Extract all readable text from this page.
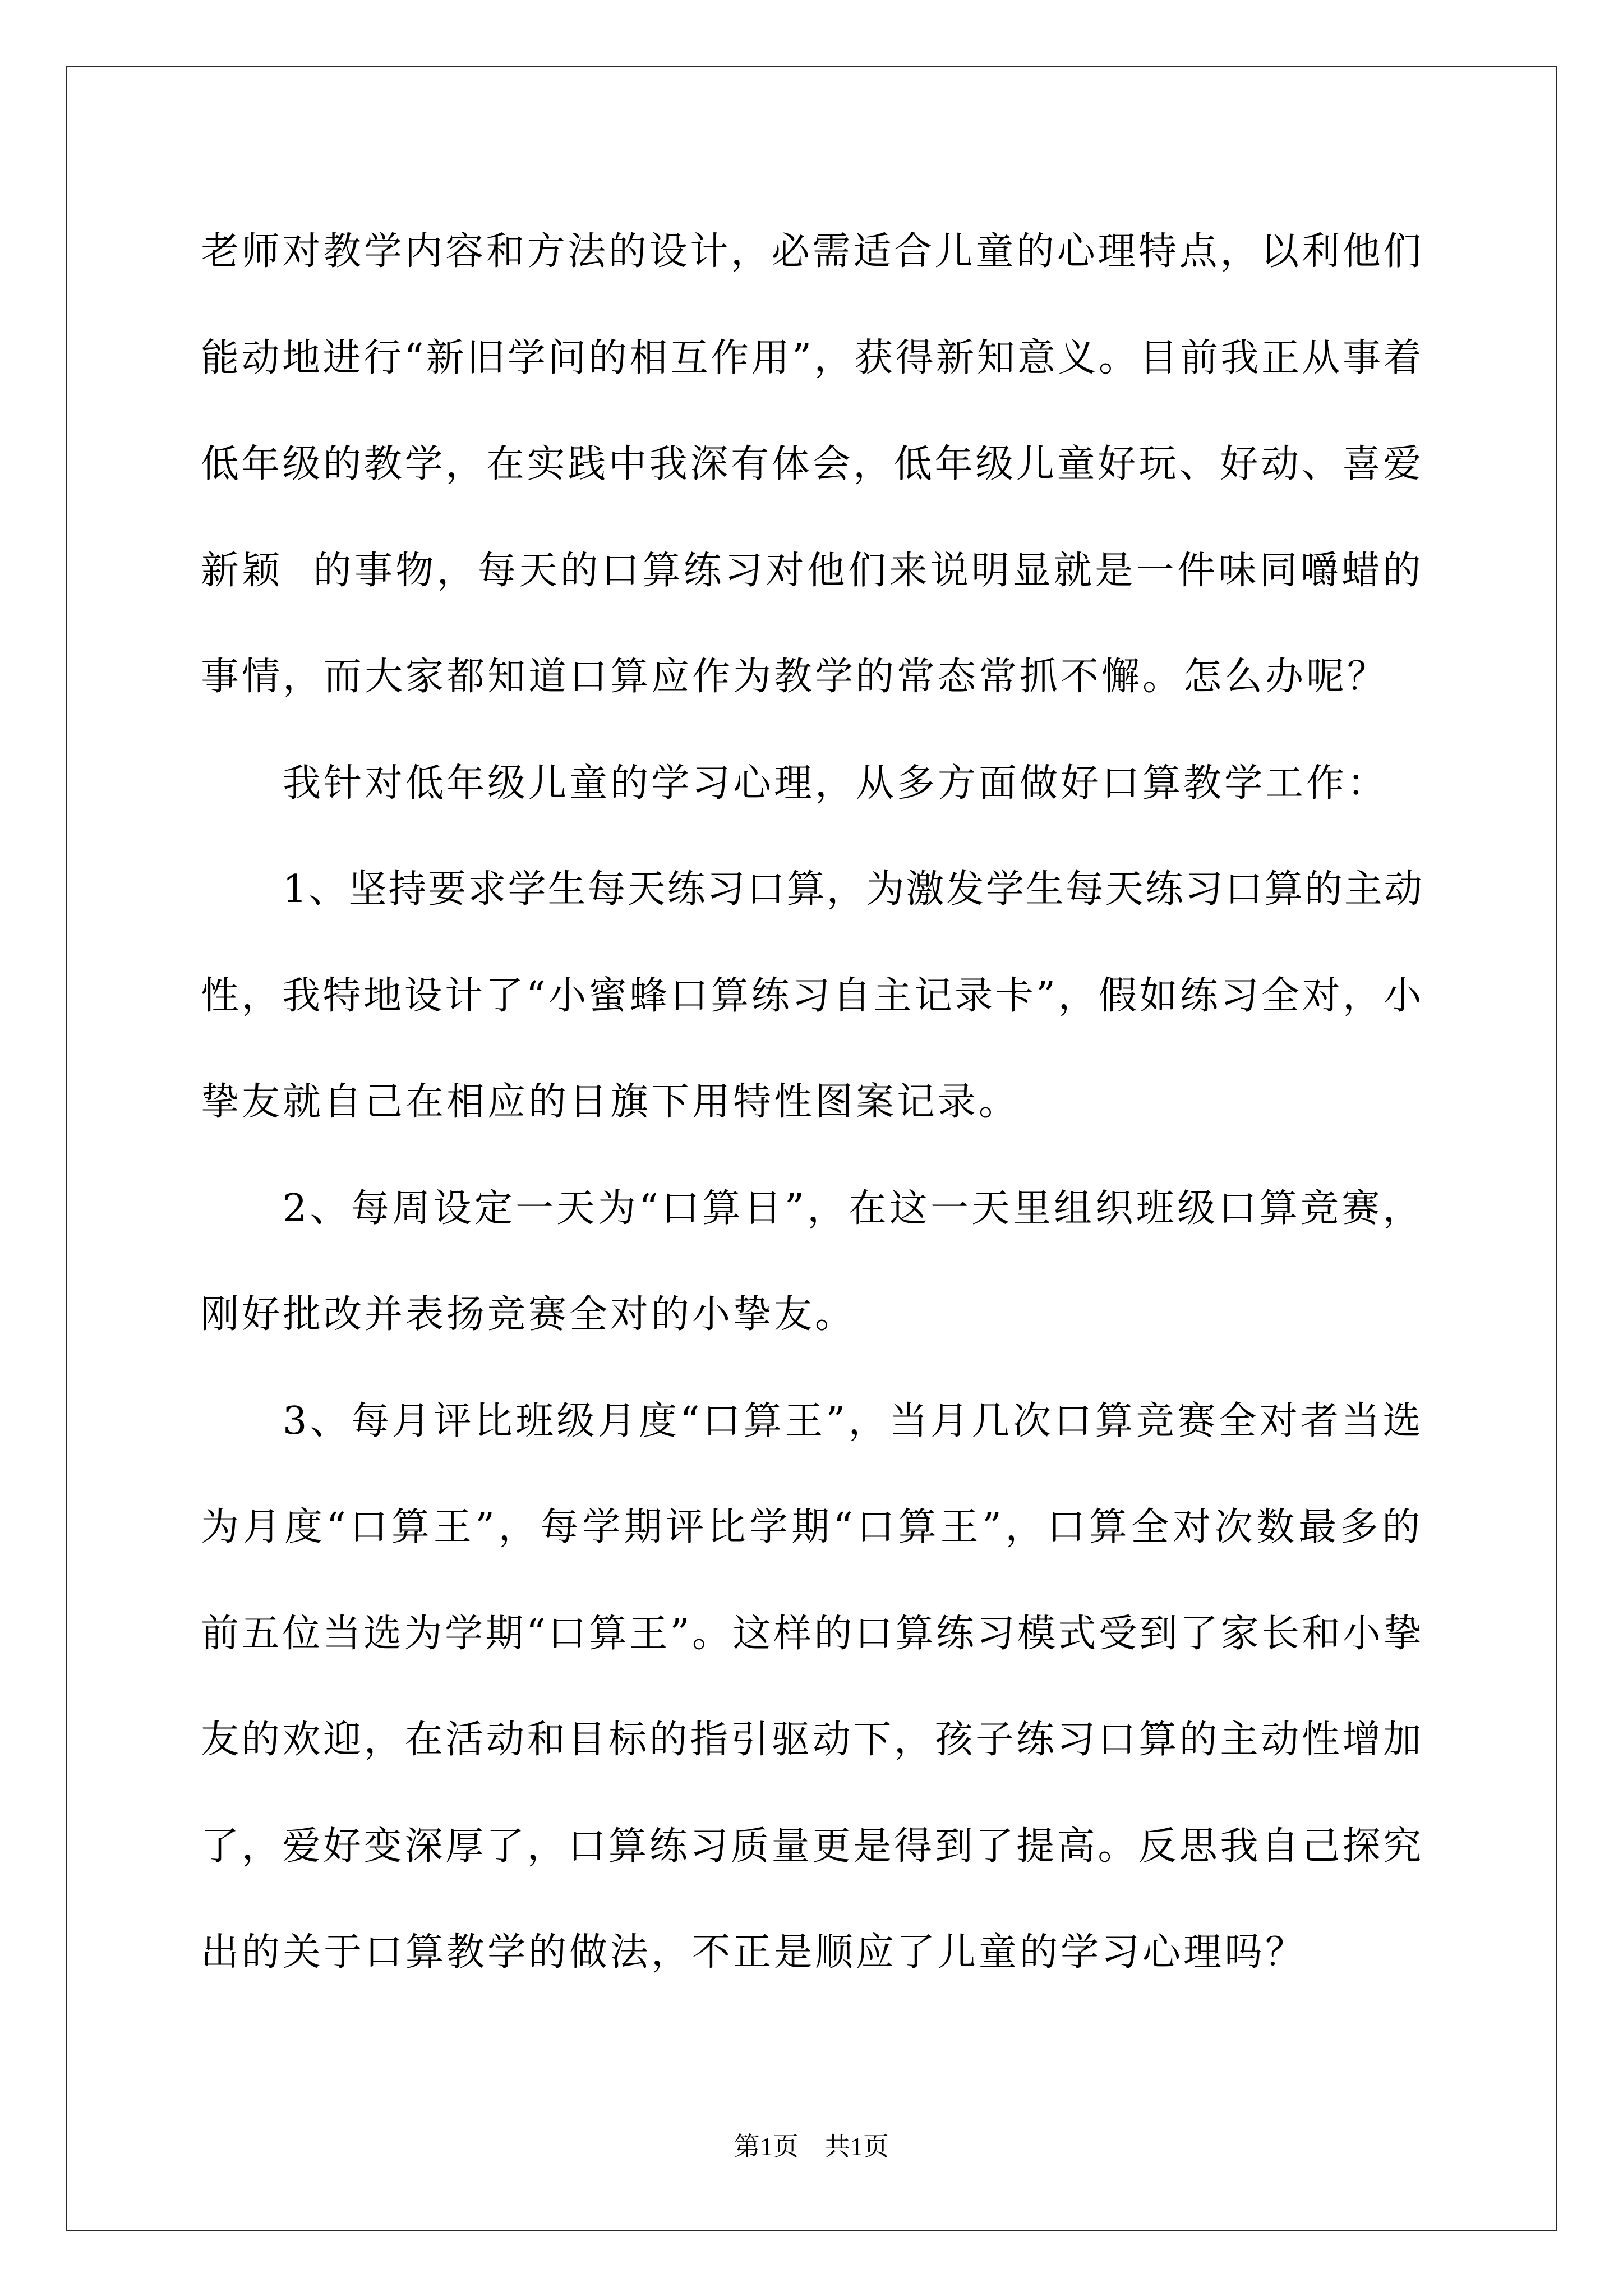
老师对教学内容和方法的设计，必需适合儿童的心理特点，以利他们
能动地进行“新旧学问的相互作用”，获得新知意义。目前我正从事着
低年级的教学，在实践中我深有体会，低年级儿童好玩、好动、喜爱
新颖  的事物，每天的口算练习对他们来说明显就是一件味同嚼蜡的
事情，而大家都知道口算应作为教学的常态常抓不懈。怎么办呢？
我针对低年级儿童的学习心理，从多方面做好口算教学工作：
1、坚持要求学生每天练习口算，为激发学生每天练习口算的主动
性，我特地设计了“小蜜蜂口算练习自主记录卡”，假如练习全对，小
挚友就自己在相应的日旗下用特性图案记录。
2、每周设定一天为“口算日”，在这一天里组织班级口算竞赛，
刚好批改并表扬竞赛全对的小挚友。
3、每月评比班级月度“口算王”，当月几次口算竞赛全对者当选
为月度“口算王”，每学期评比学期“口算王”，口算全对次数最多的
前五位当选为学期“口算王”。这样的口算练习模式受到了家长和小挚
友的欢迎，在活动和目标的指引驱动下，孩子练习口算的主动性增加
了，爱好变深厚了，口算练习质量更是得到了提高。反思我自己探究
出的关于口算教学的做法，不正是顺应了儿童的学习心理吗？
第1页　共1页
